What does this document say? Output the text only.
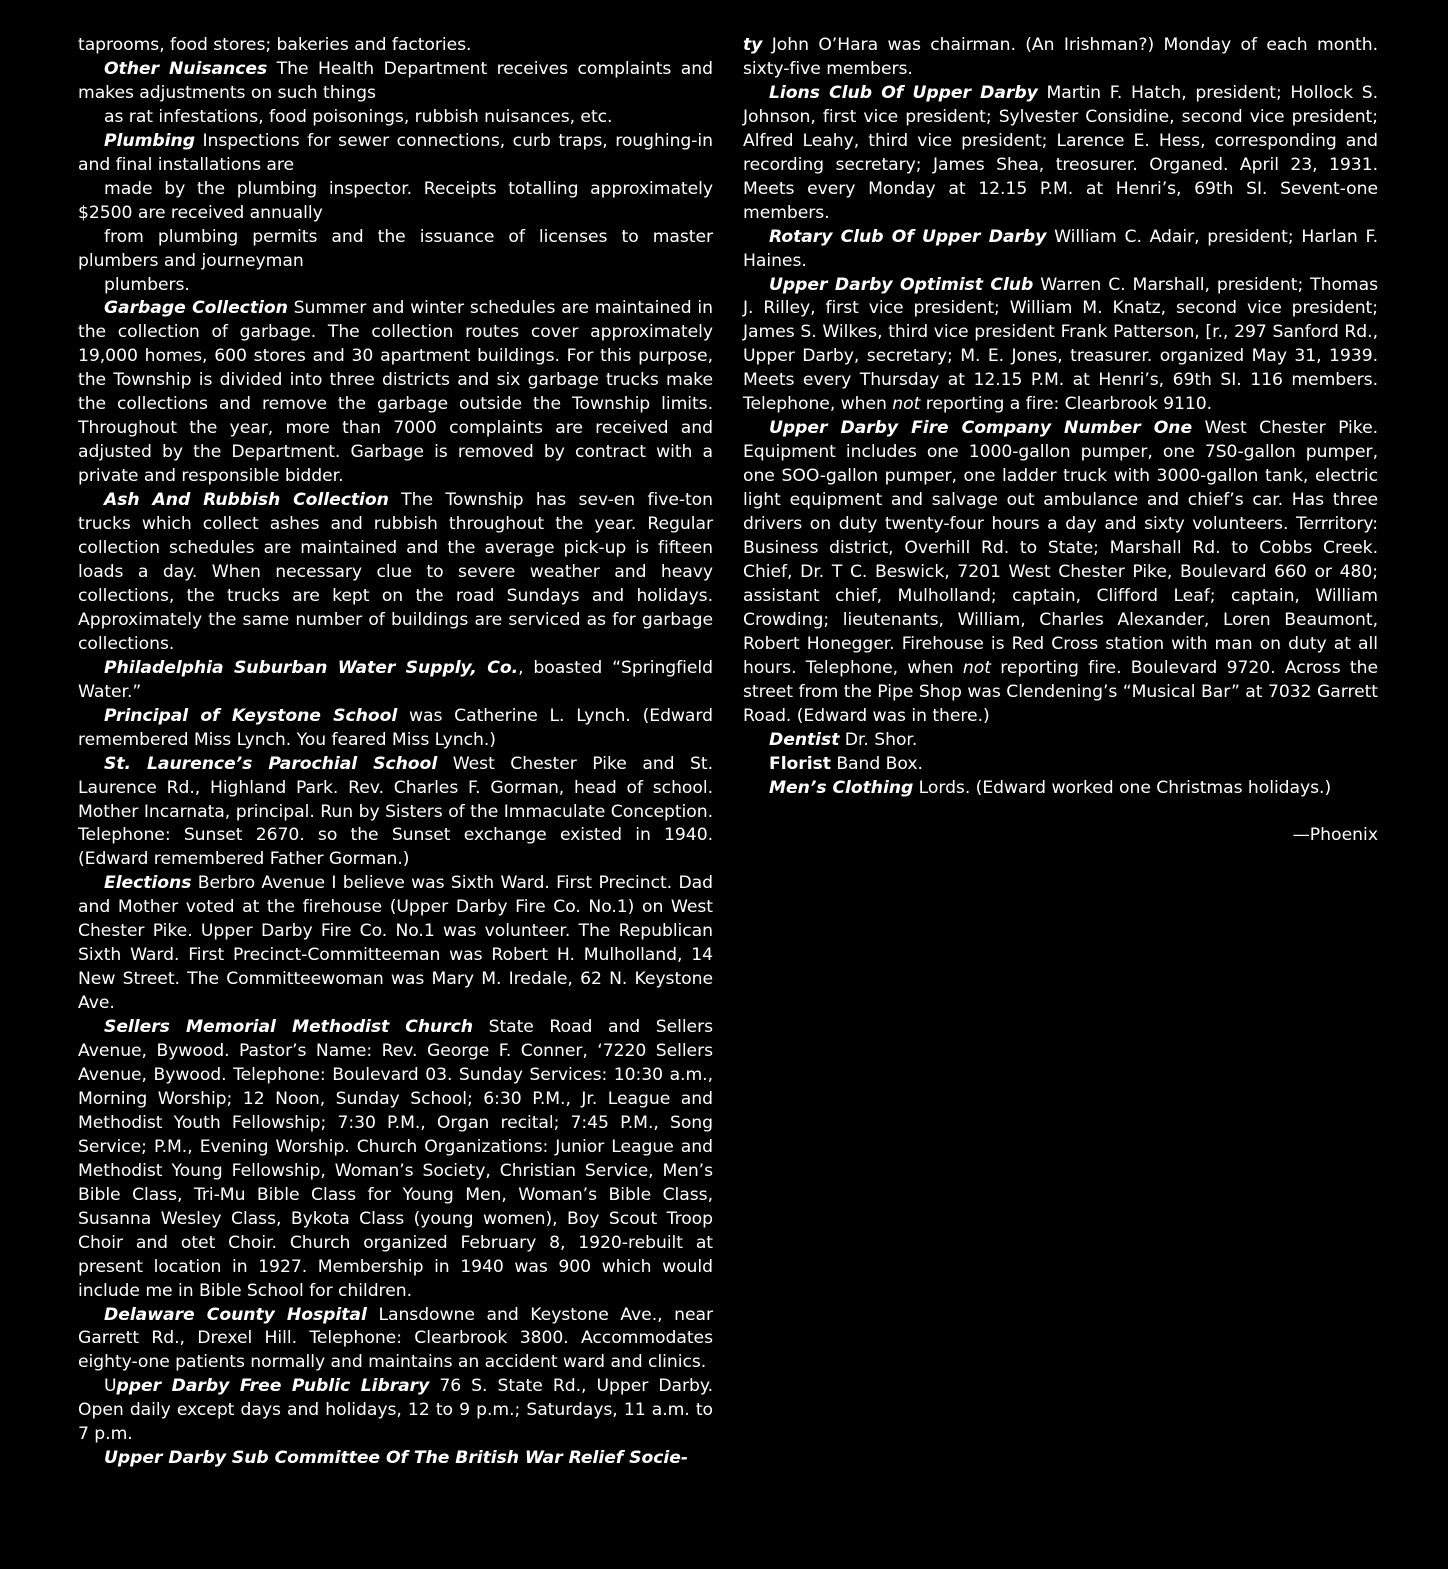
taprooms, food stores; bakeries and factories.

Other Nuisances The Health Department receives complaints and makes adjustments on such things

as rat infestations, food poisonings, rubbish nuisances, etc.

Plumbing Inspections for sewer connections, curb traps, roughing-in and final installations are

made by the plumbing inspector. Receipts totalling approximately $2500 are received annually

from plumbing permits and the issuance of licenses to master plumbers and journeyman

plumbers.

Garbage Collection Summer and winter schedules are maintained in the collection of garbage. The collection routes cover approximately 19,000 homes, 600 stores and 30 apartment buildings. For this purpose, the Township is divided into three districts and six garbage trucks make the collections and remove the garbage outside the Township limits. Throughout the year, more than 7000 complaints are received and adjusted by the Department. Garbage is removed by contract with a private and responsible bidder.

Ash And Rubbish Collection The Township has sev-en five-ton trucks which collect ashes and rubbish throughout the year. Regular collection schedules are maintained and the average pick-up is fifteen loads a day. When necessary clue to severe weather and heavy collections, the trucks are kept on the road Sundays and holidays. Approximately the same number of buildings are serviced as for garbage collections.

Philadelphia Suburban Water Supply, Co., boasted “Springfield Water.”

Principal of Keystone School was Catherine L. Lynch. (Edward remembered Miss Lynch. You feared Miss Lynch.)

St. Laurence’s Parochial School West Chester Pike and St. Laurence Rd., Highland Park. Rev. Charles F. Gorman, head of school. Mother Incarnata, principal. Run by Sisters of the Immaculate Conception. Telephone: Sunset 2670. so the Sunset exchange existed in 1940. (Edward remembered Father Gorman.)

Elections Berbro Avenue I believe was Sixth Ward. First Precinct. Dad and Mother voted at the firehouse (Upper Darby Fire Co. No.1) on West Chester Pike. Upper Darby Fire Co. No.1 was volunteer. The Republican Sixth Ward. First Precinct-Committeeman was Robert H. Mulholland, 14 New Street. The Committeewoman was Mary M. Iredale, 62 N. Keystone Ave.

Sellers Memorial Methodist Church State Road and Sellers Avenue, Bywood. Pastor’s Name: Rev. George F. Conner, ‘7220 Sellers Avenue, Bywood. Telephone: Boulevard 03. Sunday Services: 10:30 a.m., Morning Worship; 12 Noon, Sunday School; 6:30 P.M., Jr. League and Methodist Youth Fellowship; 7:30 P.M., Organ recital; 7:45 P.M., Song Service; P.M., Evening Worship. Church Organizations: Junior League and Methodist Young Fellowship, Woman’s Society, Christian Service, Men’s Bible Class, Tri-Mu Bible Class for Young Men, Woman’s Bible Class, Susanna Wesley Class, Bykota Class (young women), Boy Scout Troop Choir and otet Choir. Church organized February 8, 1920-rebuilt at present location in 1927. Membership in 1940 was 900 which would include me in Bible School for children.

Delaware County Hospital Lansdowne and Keystone Ave., near Garrett Rd., Drexel Hill. Telephone: Clearbrook 3800. Accommodates eighty-one patients normally and maintains an accident ward and clinics.

Upper Darby Free Public Library 76 S. State Rd., Upper Darby. Open daily except days and holidays, 12 to 9 p.m.; Saturdays, 11 a.m. to 7 p.m.

Upper Darby Sub Committee Of The British War Relief Socie-

ty John O’Hara was chairman. (An Irishman?) Monday of each month. sixty-five members.

Lions Club Of Upper Darby Martin F. Hatch, president; Hollock S. Johnson, first vice president; Sylvester Considine, second vice president; Alfred Leahy, third vice president; Larence E. Hess, corresponding and recording secretary; James Shea, treosurer. Organed. April 23, 1931. Meets every Monday at 12.15 P.M. at Henri’s, 69th SI. Sevent-one members.

Rotary Club Of Upper Darby William C. Adair, president; Harlan F. Haines.

Upper Darby Optimist Club Warren C. Marshall, president; Thomas J. Rilley, first vice president; William M. Knatz, second vice president; James S. Wilkes, third vice president Frank Patterson, [r., 297 Sanford Rd., Upper Darby, secretary; M. E. Jones, treasurer. organized May 31, 1939. Meets every Thursday at 12.15 P.M. at Henri’s, 69th SI. 116 members. Telephone, when not reporting a fire: Clearbrook 9110.

Upper Darby Fire Company Number One West Chester Pike. Equipment includes one 1000-gallon pumper, one 7S0-gallon pumper, one SOO-gallon pumper, one ladder truck with 3000-gallon tank, electric light equipment and salvage out ambulance and chief’s car. Has three drivers on duty twenty-four hours a day and sixty volunteers. Terrritory: Business district, Overhill Rd. to State; Marshall Rd. to Cobbs Creek. Chief, Dr. T C. Beswick, 7201 West Chester Pike, Boulevard 660 or 480; assistant chief, Mulholland; captain, Clifford Leaf; captain, William Crowding; lieutenants, William, Charles Alexander, Loren Beaumont, Robert Honegger. Firehouse is Red Cross station with man on duty at all hours. Telephone, when not reporting fire. Boulevard 9720. Across the street from the Pipe Shop was Clendening’s “Musical Bar” at 7032 Garrett Road. (Edward was in there.)

Dentist Dr. Shor.

Florist Band Box.

Men’s Clothing Lords. (Edward worked one Christmas holidays.)

—Phoenix
